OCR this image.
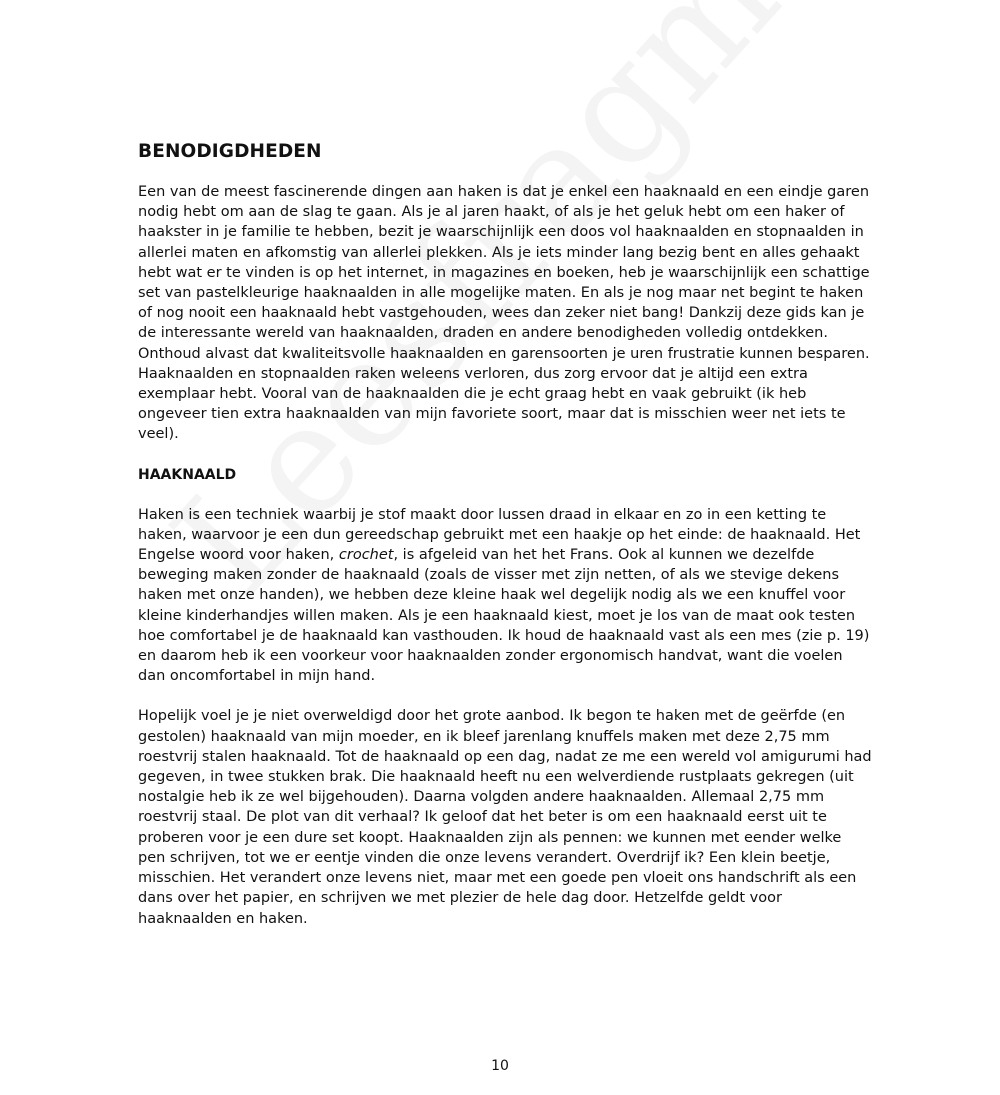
BENODIGDHEDEN

Een van de meest fascinerende dingen aan haken is dat je enkel een haaknaald en een eindje garen nodig hebt om aan de slag te gaan. Als je al jaren haakt, of als je het geluk hebt om een haker of haakster in je familie te hebben, bezit je waarschijnlijk een doos vol haaknaalden en stopnaalden in allerlei maten en afkomstig van allerlei plekken. Als je iets minder lang bezig bent en alles gehaakt hebt wat er te vinden is op het internet, in magazines en boeken, heb je waarschijnlijk een schattige set van pastelkleurige haaknaalden in alle mogelijke maten. En als je nog maar net begint te haken of nog nooit een haaknaald hebt vastgehouden, wees dan zeker niet bang! Dankzij deze gids kan je de interessante wereld van haaknaalden, draden en andere benodigheden volledig ontdekken. Onthoud alvast dat kwaliteitsvolle haaknaalden en garensoorten je uren frustratie kunnen besparen. Haaknaalden en stopnaalden raken weleens verloren, dus zorg ervoor dat je altijd een extra exemplaar hebt. Vooral van de haaknaalden die je echt graag hebt en vaak gebruikt (ik heb ongeveer tien extra haaknaalden van mijn favoriete soort, maar dat is misschien weer net iets te veel).

HAAKNAALD

Haken is een techniek waarbij je stof maakt door lussen draad in elkaar en zo in een ketting te haken, waarvoor je een dun gereedschap gebruikt met een haakje op het einde: de haaknaald. Het Engelse woord voor haken, crochet, is afgeleid van het het Frans. Ook al kunnen we dezelfde beweging maken zonder de haaknaald (zoals de visser met zijn netten, of als we stevige dekens haken met onze handen), we hebben deze kleine haak wel degelijk nodig als we een knuffel voor kleine kinderhandjes willen maken. Als je een haaknaald kiest, moet je los van de maat ook testen hoe comfortabel je de haaknaald kan vasthouden. Ik houd de haaknaald vast als een mes (zie p. 19) en daarom heb ik een voorkeur voor haaknaalden zonder ergonomisch handvat, want die voelen dan oncomfortabel in mijn hand.

Hopelijk voel je je niet overweldigd door het grote aanbod. Ik begon te haken met de geërfde (en gestolen) haaknaald van mijn moeder, en ik bleef jarenlang knuffels maken met deze 2,75 mm roestvrij stalen haaknaald. Tot de haaknaald op een dag, nadat ze me een wereld vol amigurumi had gegeven, in twee stukken brak. Die haaknaald heeft nu een welverdiende rustplaats gekregen (uit nostalgie heb ik ze wel bijgehouden). Daarna volgden andere haaknaalden. Allemaal 2,75 mm roestvrij staal. De plot van dit verhaal? Ik geloof dat het beter is om een haaknaald eerst uit te proberen voor je een dure set koopt. Haaknaalden zijn als pennen: we kunnen met eender welke pen schrijven, tot we er eentje vinden die onze levens verandert. Overdrijf ik? Een klein beetje, misschien. Het verandert onze levens niet, maar met een goede pen vloeit ons handschrift als een dans over het papier, en schrijven we met plezier de hele dag door. Hetzelfde geldt voor haaknaalden en haken.

10
